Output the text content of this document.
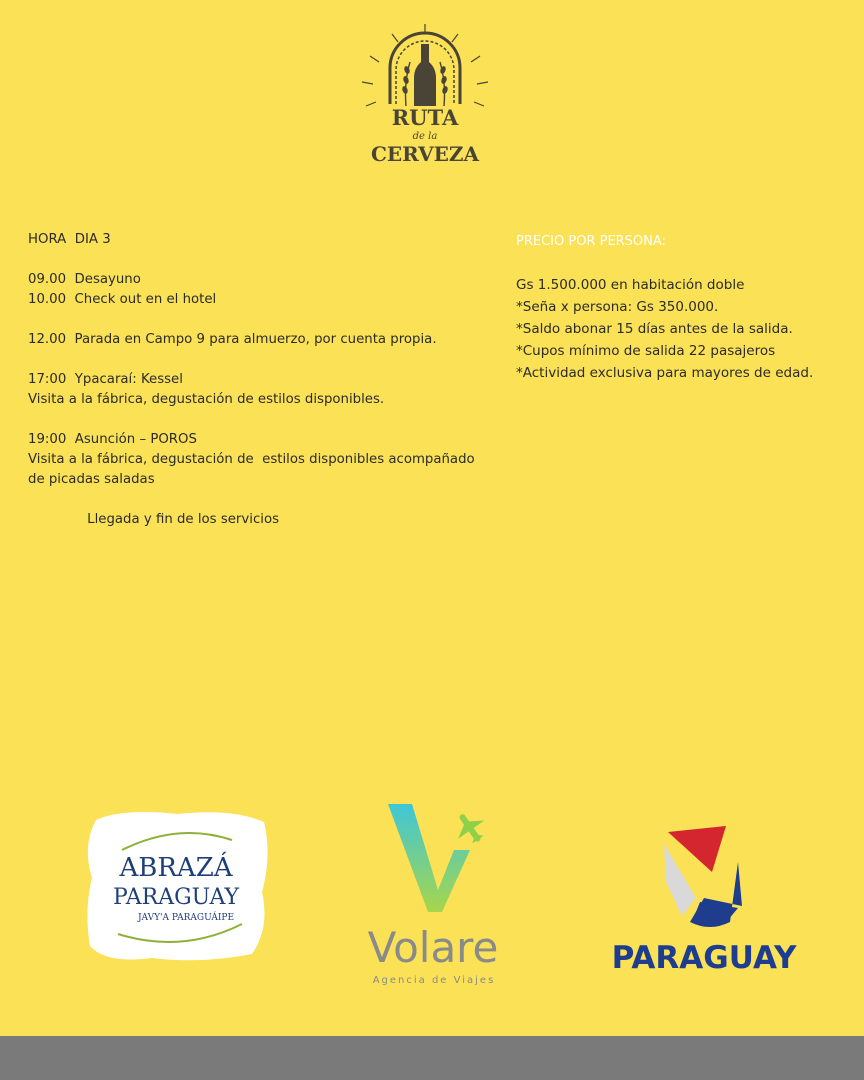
RUTA
de la
CERVEZA
HORA  DIA 3
09.00  Desayuno
10.00  Check out en el hotel
12.00  Parada en Campo 9 para almuerzo, por cuenta propia.
17:00  Ypacaraí: Kessel
Visita a la fábrica, degustación de estilos disponibles.
19:00  Asunción – POROS
Visita a la fábrica, degustación de  estilos disponibles acompañado
de picadas saladas
Llegada y fin de los servicios
PRECIO POR PERSONA:
Gs 1.500.000 en habitación doble
*Seña x persona: Gs 350.000.
*Saldo abonar 15 días antes de la salida.
*Cupos mínimo de salida 22 pasajeros
*Actividad exclusiva para mayores de edad.
ABRAZÁ
PARAGUAY
JAVY'A PARAGUÁIPE
Volare
Agencia de Viajes
PARAGUAY
